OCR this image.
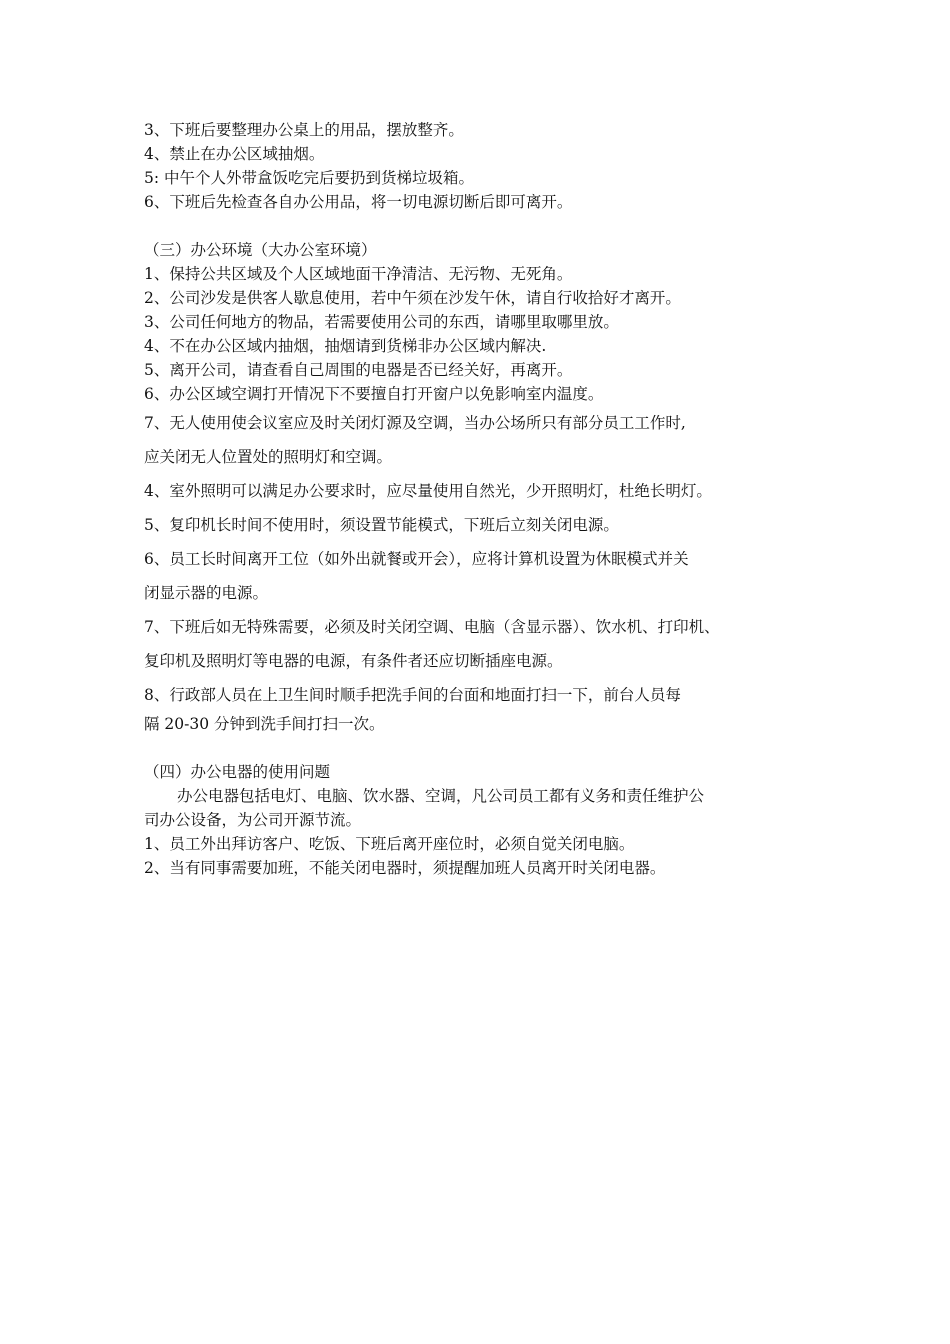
3、下班后要整理办公桌上的用品，摆放整齐。
4、禁止在办公区域抽烟。
5: 中午个人外带盒饭吃完后要扔到货梯垃圾箱。
6、下班后先检查各自办公用品，将一切电源切断后即可离开。
（三）办公环境（大办公室环境）
1、保持公共区域及个人区域地面干净清洁、无污物、无死角。
2、公司沙发是供客人歇息使用，若中午须在沙发午休，请自行收拾好才离开。
3、公司任何地方的物品，若需要使用公司的东西，请哪里取哪里放。
4、不在办公区域内抽烟，抽烟请到货梯非办公区域内解决.
5、离开公司，请查看自己周围的电器是否已经关好，再离开。
6、办公区域空调打开情况下不要擅自打开窗户以免影响室内温度。
7、无人使用使会议室应及时关闭灯源及空调，当办公场所只有部分员工工作时,
应关闭无人位置处的照明灯和空调。
4、室外照明可以满足办公要求时，应尽量使用自然光，少开照明灯，杜绝长明灯。
5、复印机长时间不使用时，须设置节能模式，下班后立刻关闭电源。
6、员工长时间离开工位（如外出就餐或开会），应将计算机设置为休眠模式并关
闭显示器的电源。
7、下班后如无特殊需要，必须及时关闭空调、电脑（含显示器）、饮水机、打印机、
复印机及照明灯等电器的电源，有条件者还应切断插座电源。
8、行政部人员在上卫生间时顺手把洗手间的台面和地面打扫一下，前台人员每
隔 20-30 分钟到洗手间打扫一次。
（四）办公电器的使用问题
办公电器包括电灯、电脑、饮水器、空调，凡公司员工都有义务和责任维护公
司办公设备，为公司开源节流。
1、员工外出拜访客户、吃饭、下班后离开座位时，必须自觉关闭电脑。
2、当有同事需要加班，不能关闭电器时，须提醒加班人员离开时关闭电器。
